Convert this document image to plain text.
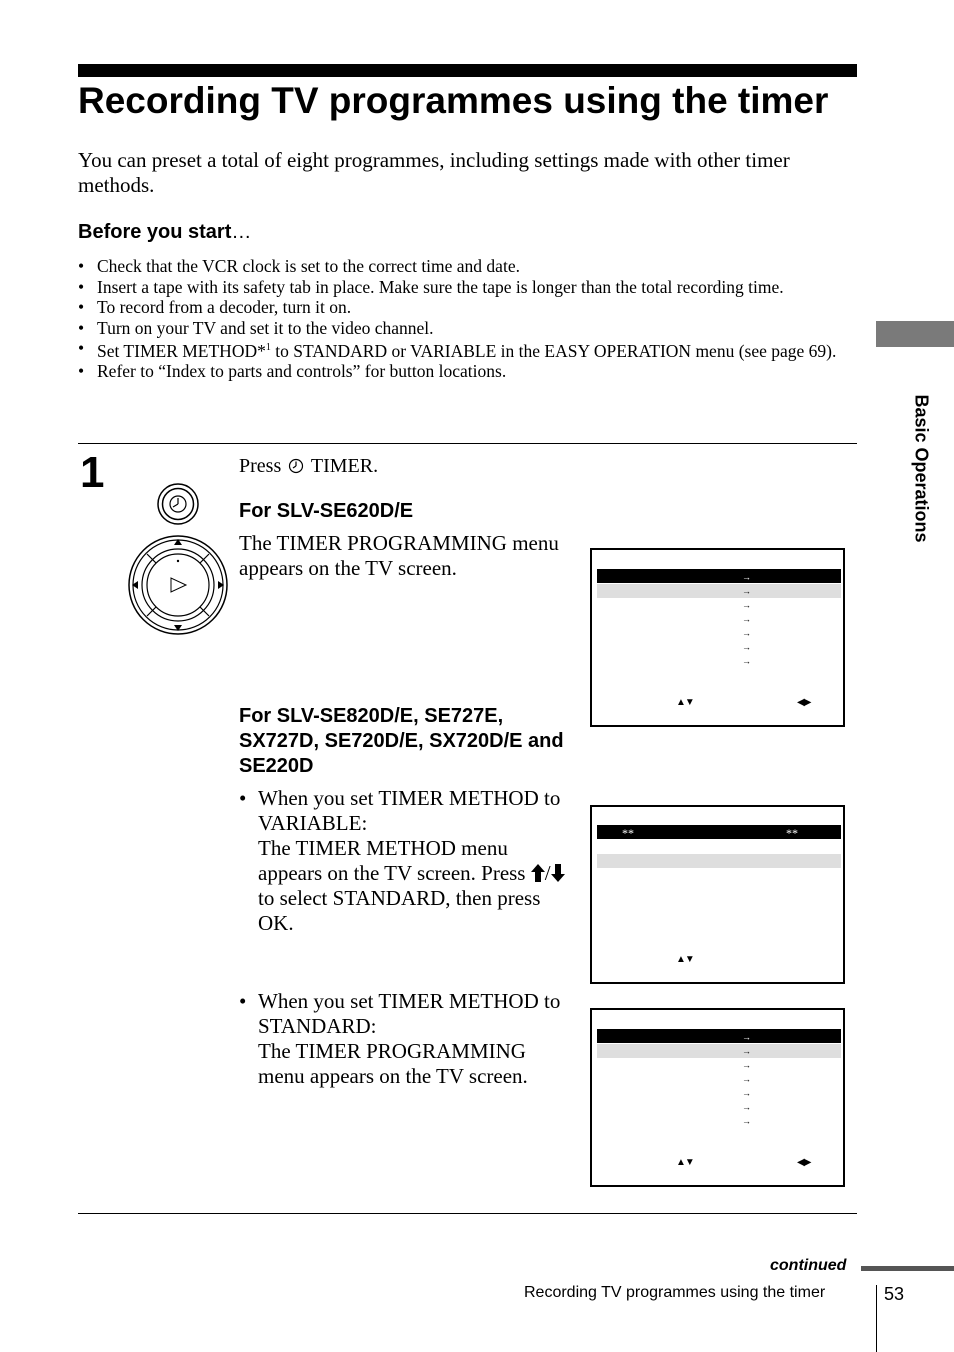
Recording TV programmes using the timer
You can preset a total of eight programmes, including settings made with other timer methods.
Before you start…
• Check that the VCR clock is set to the correct time and date.
• Insert a tape with its safety tab in place. Make sure the tape is longer than the total recording time.
• To record from a decoder, turn it on.
• Turn on your TV and set it to the video channel.
• Set TIMER METHOD*$^1$ to STANDARD or VARIABLE in the EASY OPERATION menu (see page 69).
• Refer to “Index to parts and controls” for button locations.
Basic Operations
1	Press TIMER.
For SLV-SE620D/E
The TIMER PROGRAMMING menu appears on the TV screen.
For SLV-SE820D/E, SE727E, SX727D, SE720D/E, SX720D/E and SE220D
• When you set TIMER METHOD to VARIABLE:
The TIMER METHOD menu appears on the TV screen. Press / to select STANDARD, then press OK.
• When you set TIMER METHOD to STANDARD:
The TIMER PROGRAMMING menu appears on the TV screen.
→
→
→
→
→
→
→
▲▼	◀▶
**	**
▲▼
→
→
→
→
→
→
→
▲▼	◀▶
continued
Recording TV programmes using the timer	53
